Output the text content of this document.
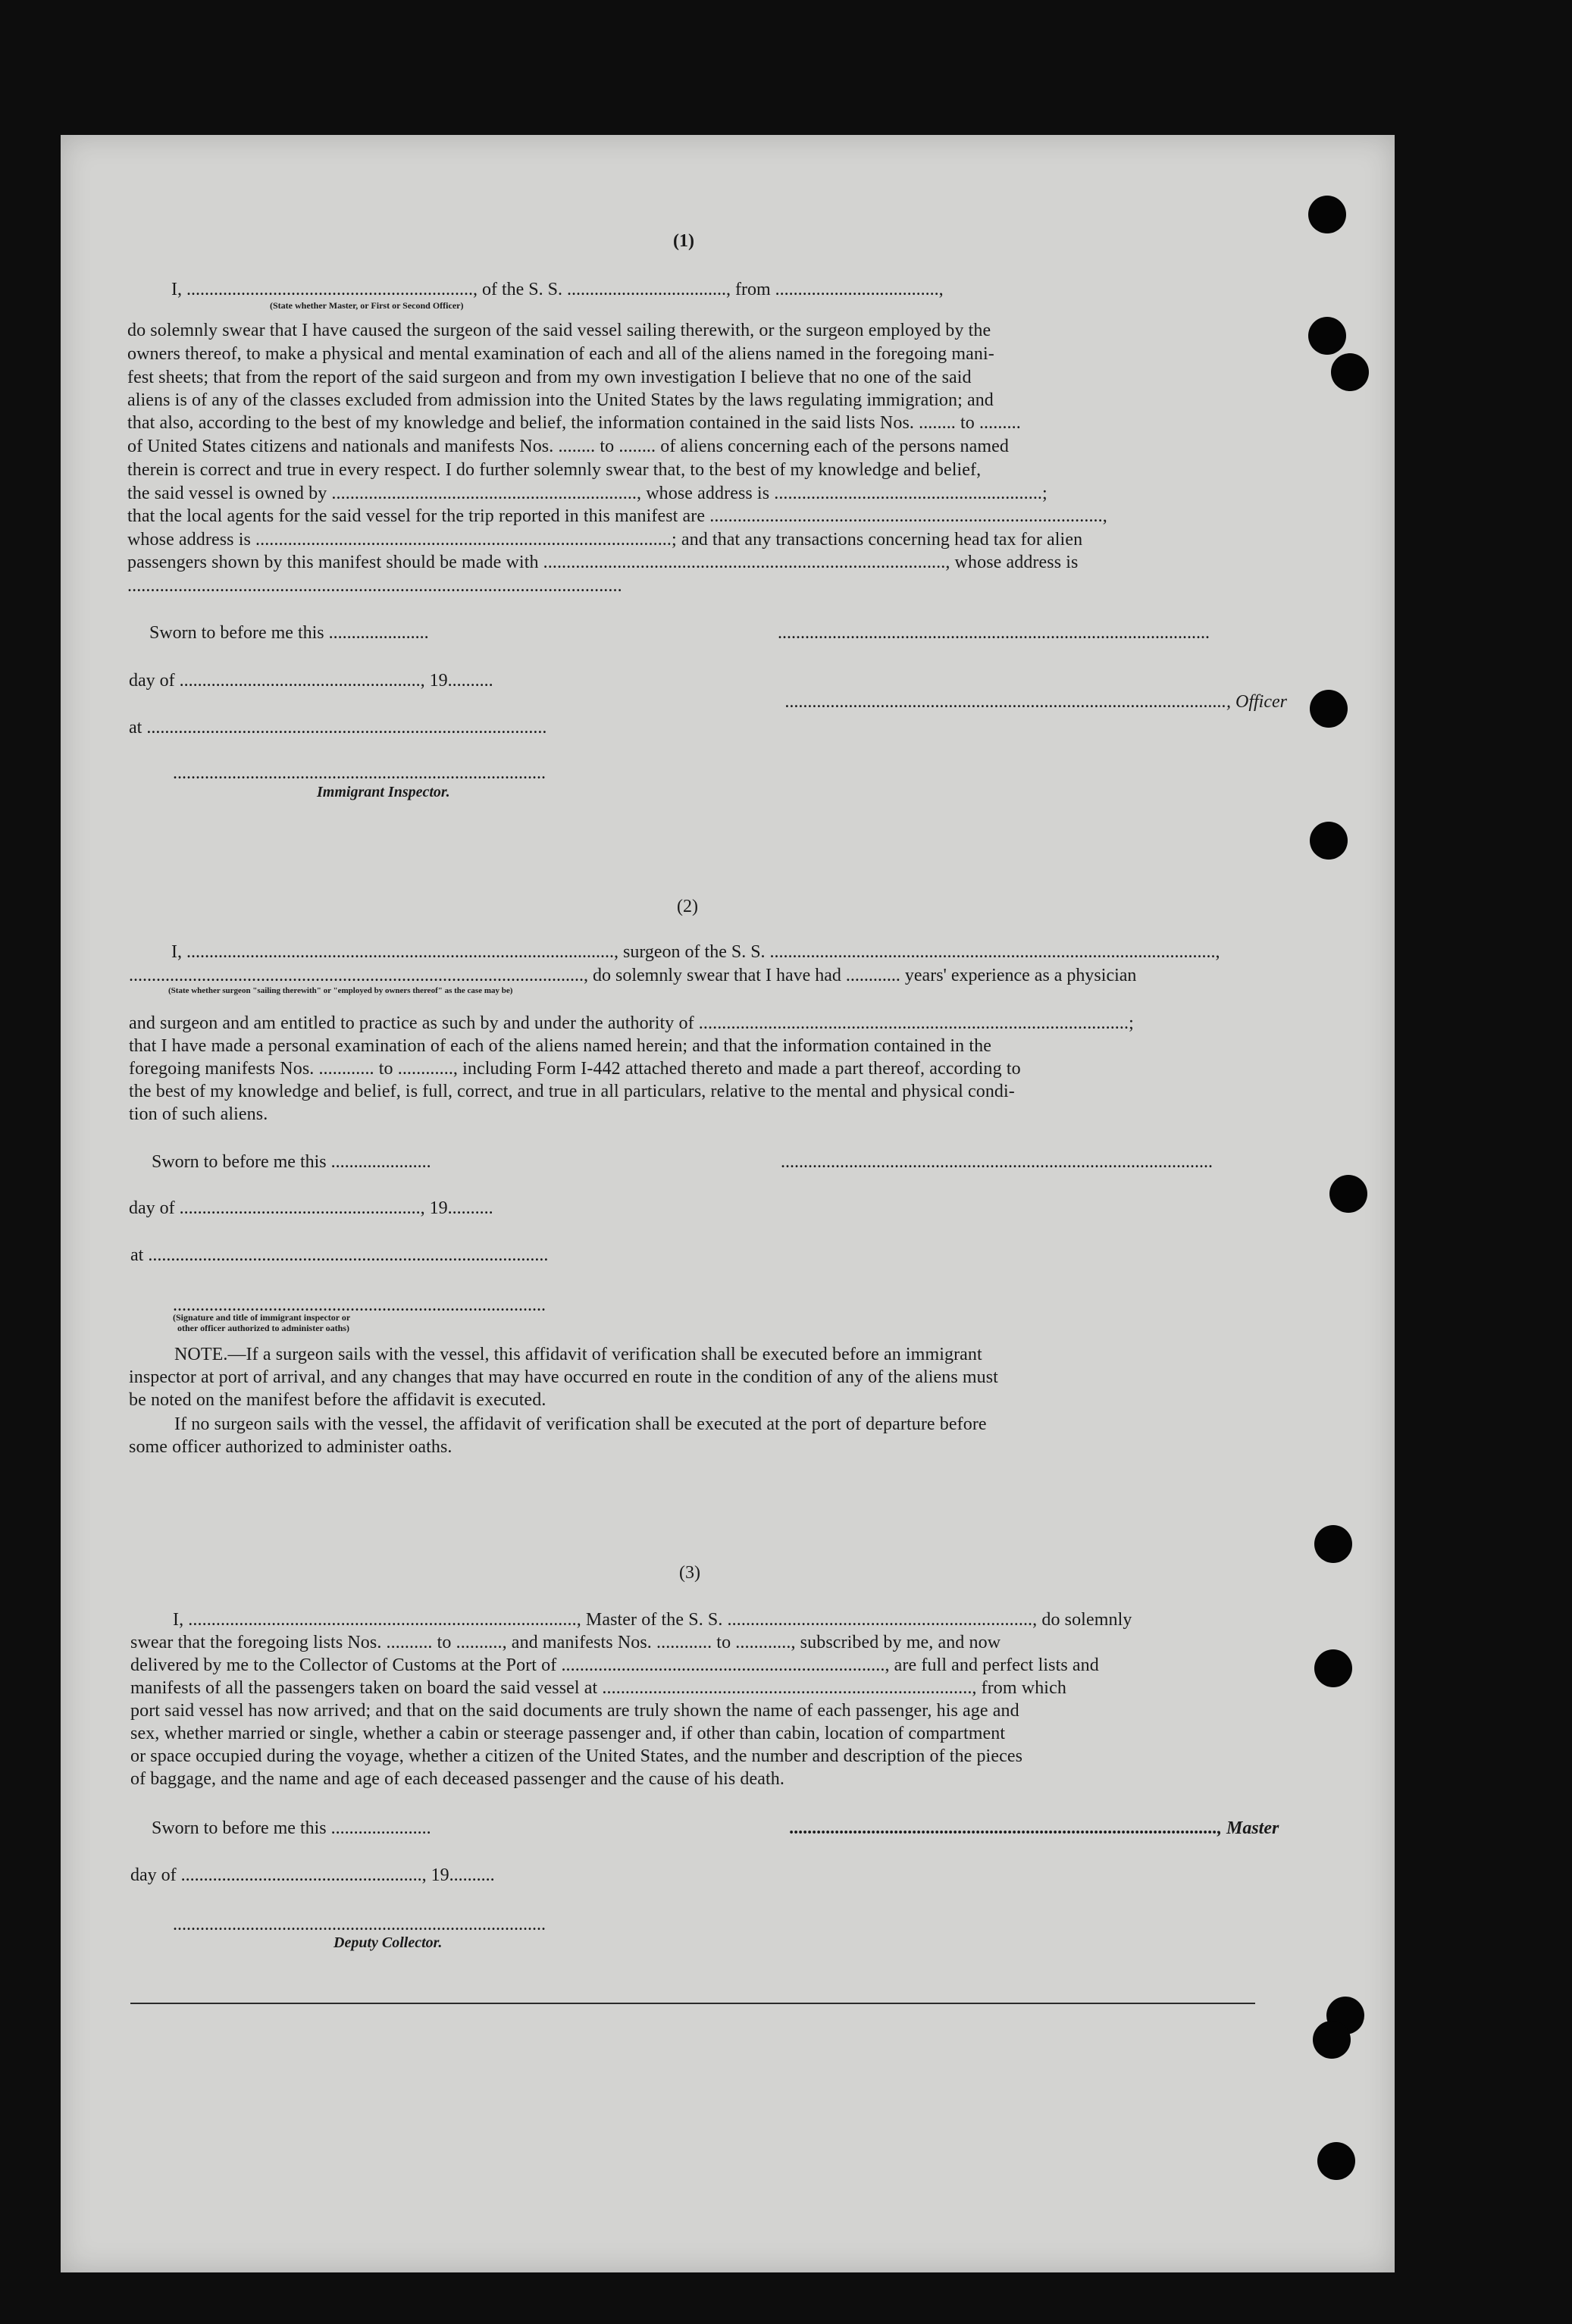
(1)
I, ..............................................................., of the S. S. ..................................., from ....................................,
(State whether Master, or First or Second Officer)
do solemnly swear that I have caused the surgeon of the said vessel sailing therewith, or the surgeon employed by the
owners thereof, to make a physical and mental examination of each and all of the aliens named in the foregoing mani-
fest sheets; that from the report of the said surgeon and from my own investigation I believe that no one of the said
aliens is of any of the classes excluded from admission into the United States by the laws regulating immigration; and
that also, according to the best of my knowledge and belief, the information contained in the said lists Nos. ........ to .........
of United States citizens and nationals and manifests Nos. ........ to ........ of aliens concerning each of the persons named
therein is correct and true in every respect. I do further solemnly swear that, to the best of my knowledge and belief,
the said vessel is owned by .................................................................., whose address is ..........................................................;
that the local agents for the said vessel for the trip reported in this manifest are .....................................................................................,
whose address is ..........................................................................................; and that any transactions concerning head tax for alien
passengers shown by this manifest should be made with ......................................................................................., whose address is
...........................................................................................................
Sworn to before me this ......................	...............................................................................................
day of ....................................................., 19..........
................................................................................................., Officer
at ........................................................................................
..................................................................................
Immigrant Inspector.
(2)
I, .............................................................................................., surgeon of the S. S. ..................................................................................................,
...................................................................................................., do solemnly swear that I have had ............ years' experience as a physician
(State whether surgeon "sailing therewith" or "employed by owners thereof" as the case may be)
and surgeon and am entitled to practice as such by and under the authority of .............................................................................................;
that I have made a personal examination of each of the aliens named herein; and that the information contained in the
foregoing manifests Nos. ............ to ............, including Form I-442 attached thereto and made a part thereof, according to
the best of my knowledge and belief, is full, correct, and true in all particulars, relative to the mental and physical condi-
tion of such aliens.
Sworn to before me this ......................	...............................................................................................
day of ....................................................., 19..........
at ........................................................................................
..................................................................................
(Signature and title of immigrant inspector or
other officer authorized to administer oaths)
NOTE.—If a surgeon sails with the vessel, this affidavit of verification shall be executed before an immigrant
inspector at port of arrival, and any changes that may have occurred en route in the condition of any of the aliens must
be noted on the manifest before the affidavit is executed.
If no surgeon sails with the vessel, the affidavit of verification shall be executed at the port of departure before
some officer authorized to administer oaths.
(3)
I, ...................................................................................., Master of the S. S. .................................................................., do solemnly
swear that the foregoing lists Nos. .......... to .........., and manifests Nos. ............ to ............, subscribed by me, and now
delivered by me to the Collector of Customs at the Port of ......................................................................, are full and perfect lists and
manifests of all the passengers taken on board the said vessel at ................................................................................, from which
port said vessel has now arrived; and that on the said documents are truly shown the name of each passenger, his age and
sex, whether married or single, whether a cabin or steerage passenger and, if other than cabin, location of compartment
or space occupied during the voyage, whether a citizen of the United States, and the number and description of the pieces
of baggage, and the name and age of each deceased passenger and the cause of his death.
Sworn to before me this ......................	.............................................................................................., Master
day of ....................................................., 19..........
..................................................................................
Deputy Collector.
